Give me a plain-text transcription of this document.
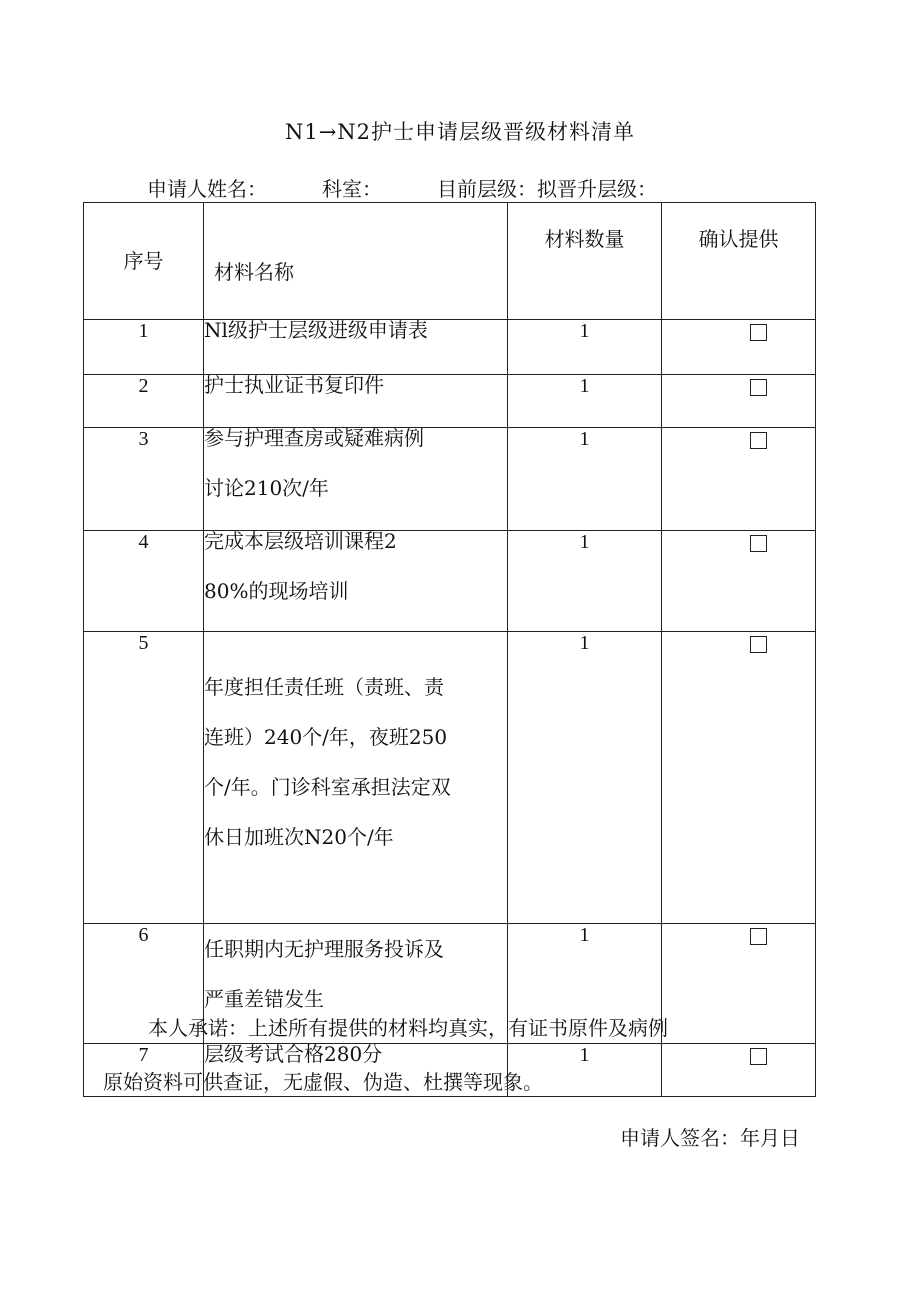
N1→N2护士申请层级晋级材料清单
申请人姓名：	科室：	目前层级：拟晋升层级：
序号	材料名称	材料数量	确认提供
1	Nl级护士层级进级申请表	1	
2	护士执业证书复印件	1	
3	参与护理查房或疑难病例
讨论210次/年	1	
4	完成本层级培训课程2
80%的现场培训	1	
5	年度担任责任班（责班、责
连班）240个/年，夜班250
个/年。门诊科室承担法定双
休日加班次N20个/年	1	
6	任职期内无护理服务投诉及
严重差错发生	1	
7	层级考试合格280分	1	
本人承诺：上述所有提供的材料均真实，有证书原件及病例
原始资料可供查证，无虚假、伪造、杜撰等现象。
申请人签名：年月日
